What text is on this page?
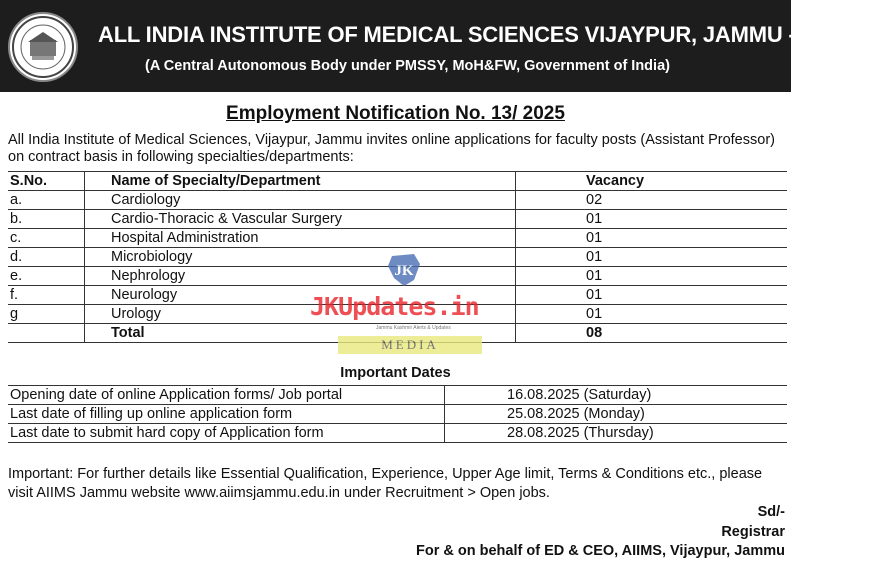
ALL INDIA INSTITUTE OF MEDICAL SCIENCES VIJAYPUR, JAMMU - 181134
(A Central Autonomous Body under PMSSY, MoH&FW, Government of India)
Employment Notification No. 13/ 2025
All India Institute of Medical Sciences, Vijaypur, Jammu invites online applications for faculty posts (Assistant Professor) on contract basis in following specialties/departments:
S.No.	Name of Specialty/Department	Vacancy
a.	Cardiology	02
b.	Cardio-Thoracic & Vascular Surgery	01
c.	Hospital Administration	01
d.	Microbiology	01
e.	Nephrology	01
f.	Neurology	01
g	Urology	01
	Total	08
Important Dates
Opening date of online Application forms/ Job portal	16.08.2025 (Saturday)
Last date of filling up online application form	25.08.2025 (Monday)
Last date to submit hard copy of Application form	28.08.2025 (Thursday)
Important: For further details like Essential Qualification, Experience, Upper Age limit, Terms & Conditions etc., please visit AIIMS Jammu website www.aiimsjammu.edu.in under Recruitment > Open jobs.
Sd/-
Registrar
For & on behalf of ED & CEO, AIIMS, Vijaypur, Jammu
JK
JKUpdates.in
Jammu Kashmir Alerts & Updates
MEDIA
